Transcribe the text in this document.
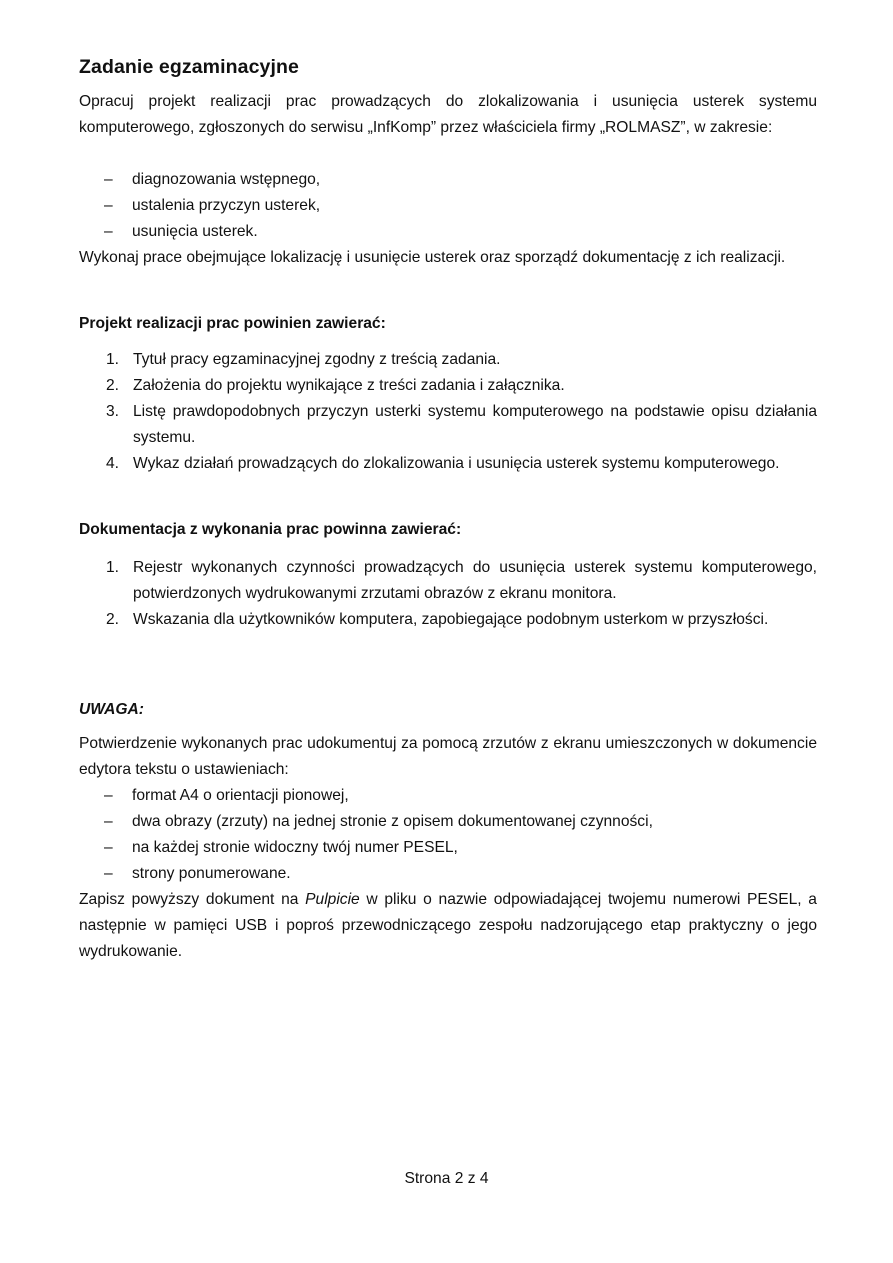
Zadanie egzaminacyjne
Opracuj projekt realizacji prac prowadzących do zlokalizowania i usunięcia usterek systemu komputerowego, zgłoszonych do serwisu „InfKomp” przez właściciela firmy „ROLMASZ”, w zakresie:
– diagnozowania wstępnego,
– ustalenia przyczyn usterek,
– usunięcia usterek.
Wykonaj prace obejmujące lokalizację i usunięcie usterek oraz sporządź dokumentację z ich realizacji.
Projekt realizacji prac powinien zawierać:
1. Tytuł pracy egzaminacyjnej zgodny z treścią zadania.
2. Założenia do projektu wynikające z treści zadania i załącznika.
3. Listę prawdopodobnych przyczyn usterki systemu komputerowego na podstawie opisu działania systemu.
4. Wykaz działań prowadzących do zlokalizowania i usunięcia usterek systemu komputerowego.
Dokumentacja z wykonania prac powinna zawierać:
1. Rejestr wykonanych czynności prowadzących do usunięcia usterek systemu komputerowego, potwierdzonych wydrukowanymi zrzutami obrazów z ekranu monitora.
2. Wskazania dla użytkowników komputera, zapobiegające podobnym usterkom w przyszłości.
UWAGA:
Potwierdzenie wykonanych prac udokumentuj za pomocą zrzutów z ekranu umieszczonych w dokumencie edytora tekstu o ustawieniach:
– format A4 o orientacji pionowej,
– dwa obrazy (zrzuty) na jednej stronie z opisem dokumentowanej czynności,
– na każdej stronie widoczny twój numer PESEL,
– strony ponumerowane.
Zapisz powyższy dokument na Pulpicie w pliku o nazwie odpowiadającej twojemu numerowi PESEL, a następnie w pamięci USB i poproś przewodniczącego zespołu nadzorującego etap praktyczny o jego wydrukowanie.
Strona 2 z 4
